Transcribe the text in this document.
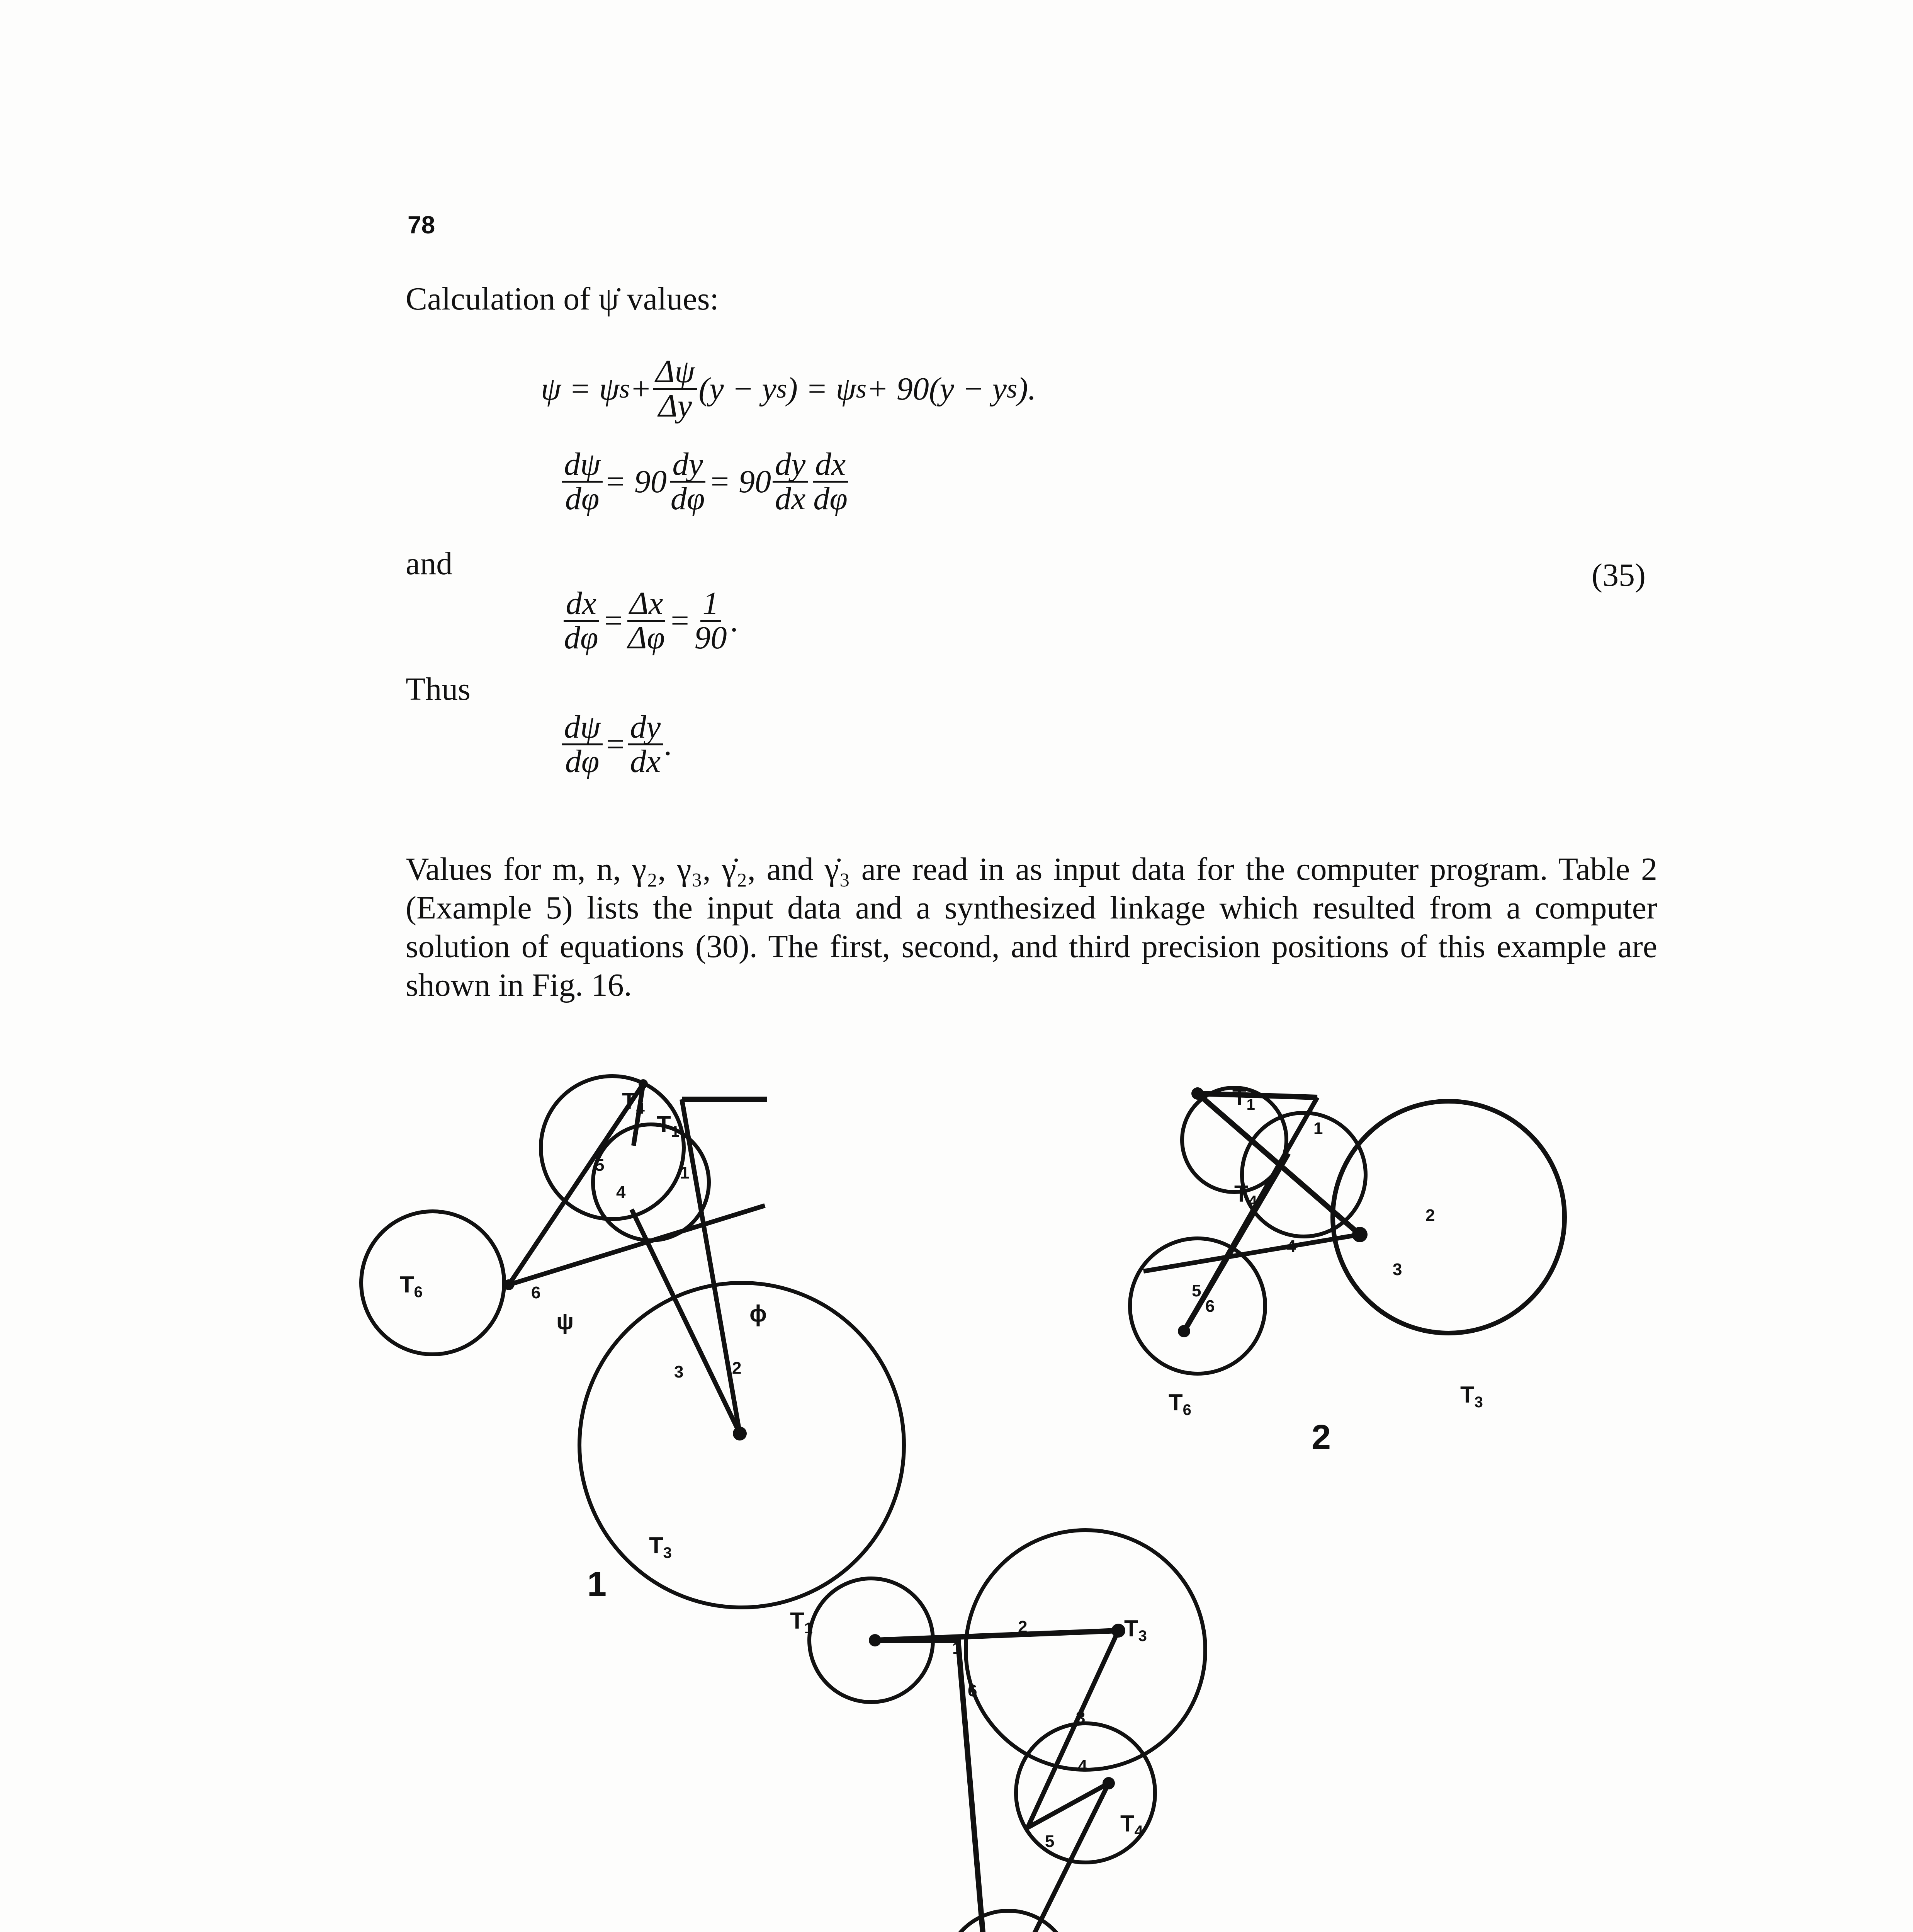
78
Calculation of ψ̇ values:
ψ = ψ $s + \frac{\Delta\psi}{\Delta y} (y - y$ s ) = ψ s + 90(y − y s ).
$\frac{d\psi}{d\varphi} = 90 \frac{dy}{d\varphi} = 90 \frac{dy}{dx} \frac{dx}{d\varphi}$
and	(35)
$\frac{dx}{d\varphi} = \frac{\Delta x}{\Delta\varphi} = \frac{1}{90}$ .
Thus
$\frac{d\psi}{d\varphi} = \frac{dy}{dx}$ .
Values for m, n, γ₂, γ₃, γ̇₂, and γ̇₃ are read in as input data for the computer program. Table 2 (Example 5) lists the input data and a synthesized linkage which resulted from a computer solution of equations (30). The first, second, and third precision positions of this example are shown in Fig. 16.
$T_4$
$T_1$
$T_6$
$T_3$
ϕ
ψ
1
$T_1$
$T_4$
$T_6$
$T_3$
2
$T_3$
$T_1$
$T_4$
5
4
1
6
3	2
1
2
3
4
5
6
2
3
1
6
4
5
